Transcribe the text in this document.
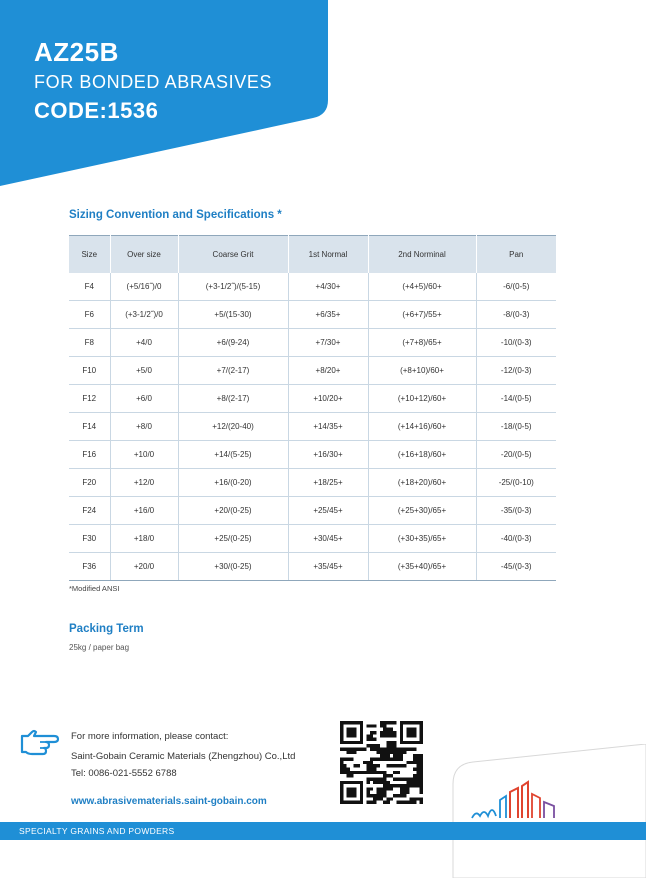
AZ25B
FOR BONDED ABRASIVES
CODE:1536
Sizing Convention and Specifications *
Size	Over size	Coarse Grit	1st Normal	2nd Norminal	Pan
F4	(+5/16˝)/0	(+3-1/2˝)/(5-15)	+4/30+	(+4+5)/60+	-6/(0-5)
F6	(+3-1/2˝)/0	+5/(15-30)	+6/35+	(+6+7)/55+	-8/(0-3)
F8	+4/0	+6/(9-24)	+7/30+	(+7+8)/65+	-10/(0-3)
F10	+5/0	+7/(2-17)	+8/20+	(+8+10)/60+	-12/(0-3)
F12	+6/0	+8/(2-17)	+10/20+	(+10+12)/60+	-14/(0-5)
F14	+8/0	+12/(20-40)	+14/35+	(+14+16)/60+	-18/(0-5)
F16	+10/0	+14/(5-25)	+16/30+	(+16+18)/60+	-20/(0-5)
F20	+12/0	+16/(0-20)	+18/25+	(+18+20)/60+	-25/(0-10)
F24	+16/0	+20/(0-25)	+25/45+	(+25+30)/65+	-35/(0-3)
F30	+18/0	+25/(0-25)	+30/45+	(+30+35)/65+	-40/(0-3)
F36	+20/0	+30/(0-25)	+35/45+	(+35+40)/65+	-45/(0-3)
*Modified ANSI
Packing Term
25kg / paper bag
For more information, please contact:
Saint-Gobain Ceramic Materials (Zhengzhou) Co.,Ltd
Tel: 0086-021-5552 6788
www.abrasivematerials.saint-gobain.com
SPECIALTY GRAINS AND POWDERS
